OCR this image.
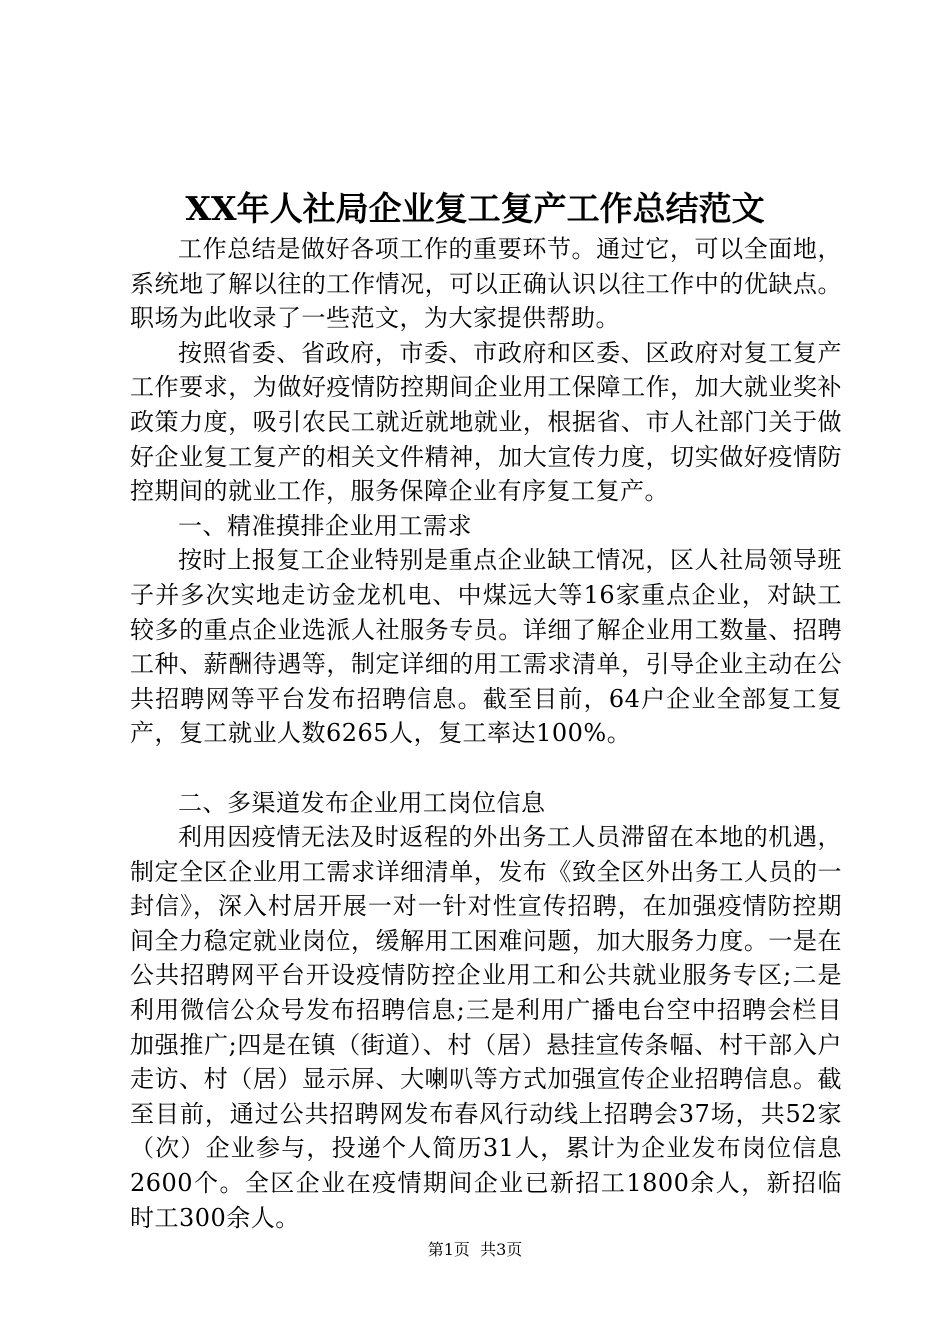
XX年人社局企业复工复产工作总结范文

工作总结是做好各项工作的重要环节。通过它，可以全面地，系统地了解以往的工作情况，可以正确认识以往工作中的优缺点。职场为此收录了一些范文，为大家提供帮助。

按照省委、省政府，市委、市政府和区委、区政府对复工复产工作要求，为做好疫情防控期间企业用工保障工作，加大就业奖补政策力度，吸引农民工就近就地就业，根据省、市人社部门关于做好企业复工复产的相关文件精神，加大宣传力度，切实做好疫情防控期间的就业工作，服务保障企业有序复工复产。

一、精准摸排企业用工需求

按时上报复工企业特别是重点企业缺工情况，区人社局领导班子并多次实地走访金龙机电、中煤远大等16家重点企业，对缺工较多的重点企业选派人社服务专员。详细了解企业用工数量、招聘工种、薪酬待遇等，制定详细的用工需求清单，引导企业主动在公共招聘网等平台发布招聘信息。截至目前，64户企业全部复工复产，复工就业人数6265人，复工率达100%。

二、多渠道发布企业用工岗位信息

利用因疫情无法及时返程的外出务工人员滞留在本地的机遇，制定全区企业用工需求详细清单，发布《致全区外出务工人员的一封信》，深入村居开展一对一针对性宣传招聘，在加强疫情防控期间全力稳定就业岗位，缓解用工困难问题，加大服务力度。一是在公共招聘网平台开设疫情防控企业用工和公共就业服务专区;二是利用微信公众号发布招聘信息;三是利用广播电台空中招聘会栏目加强推广;四是在镇（街道）、村（居）悬挂宣传条幅、村干部入户走访、村（居）显示屏、大喇叭等方式加强宣传企业招聘信息。截至目前，通过公共招聘网发布春风行动线上招聘会37场，共52家（次）企业参与，投递个人简历31人，累计为企业发布岗位信息2600个。全区企业在疫情期间企业已新招工1800余人，新招临时工300余人。

第1页  共3页
